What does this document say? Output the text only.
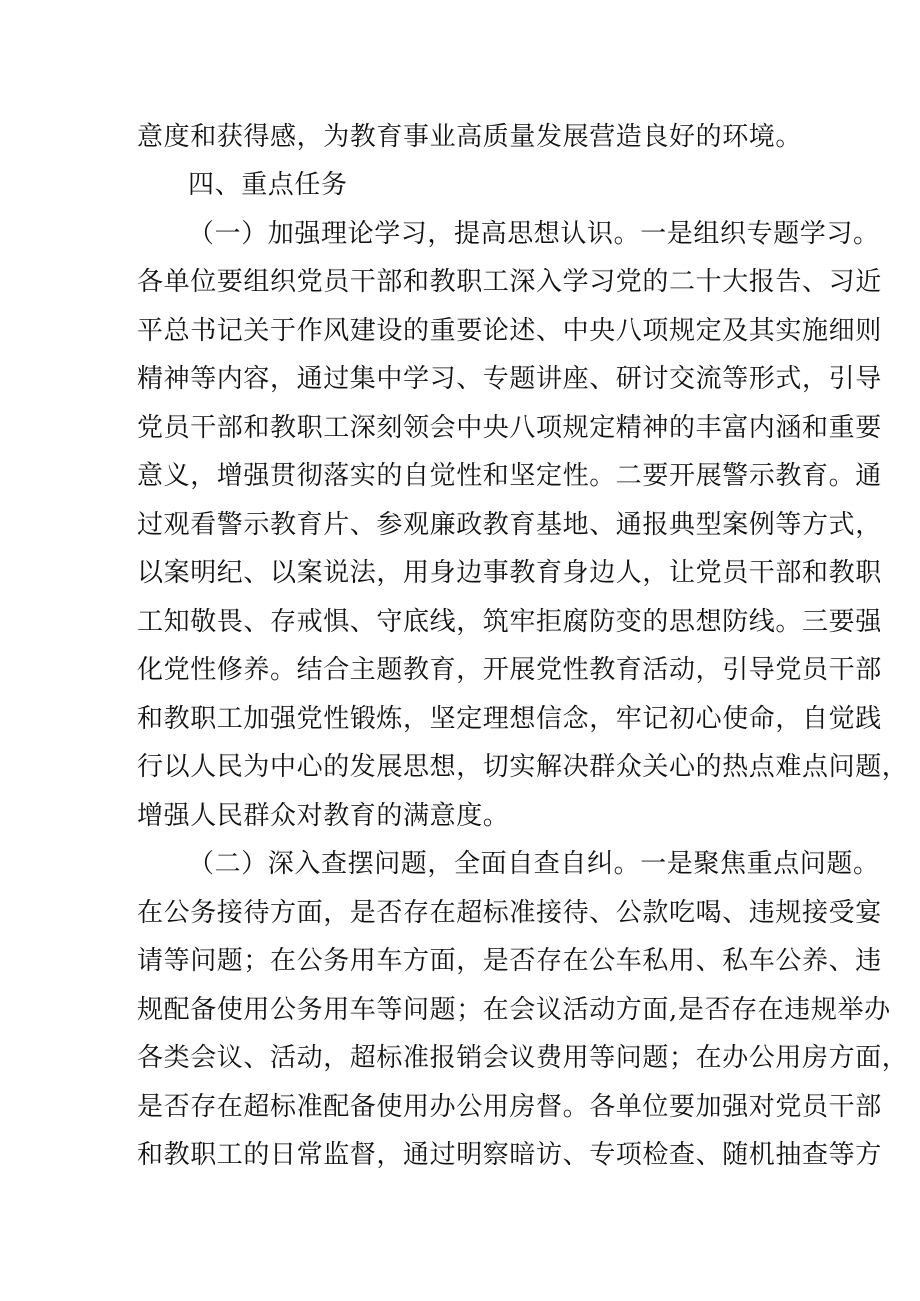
意度和获得感，为教育事业高质量发展营造良好的环境。
四、重点任务
（一）加强理论学习，提高思想认识。一是组织专题学习。
各单位要组织党员干部和教职工深入学习党的二十大报告、习近
平总书记关于作风建设的重要论述、中央八项规定及其实施细则
精神等内容，通过集中学习、专题讲座、研讨交流等形式，引导
党员干部和教职工深刻领会中央八项规定精神的丰富内涵和重要
意义，增强贯彻落实的自觉性和坚定性。二要开展警示教育。通
过观看警示教育片、参观廉政教育基地、通报典型案例等方式，
以案明纪、以案说法，用身边事教育身边人，让党员干部和教职
工知敬畏、存戒惧、守底线，筑牢拒腐防变的思想防线。三要强
化党性修养。结合主题教育，开展党性教育活动，引导党员干部
和教职工加强党性锻炼，坚定理想信念，牢记初心使命，自觉践
行以人民为中心的发展思想，切实解决群众关心的热点难点问题，
增强人民群众对教育的满意度。
（二）深入查摆问题，全面自查自纠。一是聚焦重点问题。
在公务接待方面，是否存在超标准接待、公款吃喝、违规接受宴
请等问题；在公务用车方面，是否存在公车私用、私车公养、违
规配备使用公务用车等问题；在会议活动方面,是否存在违规举办
各类会议、活动，超标准报销会议费用等问题；在办公用房方面，
是否存在超标准配备使用办公用房督。各单位要加强对党员干部
和教职工的日常监督，通过明察暗访、专项检查、随机抽查等方
